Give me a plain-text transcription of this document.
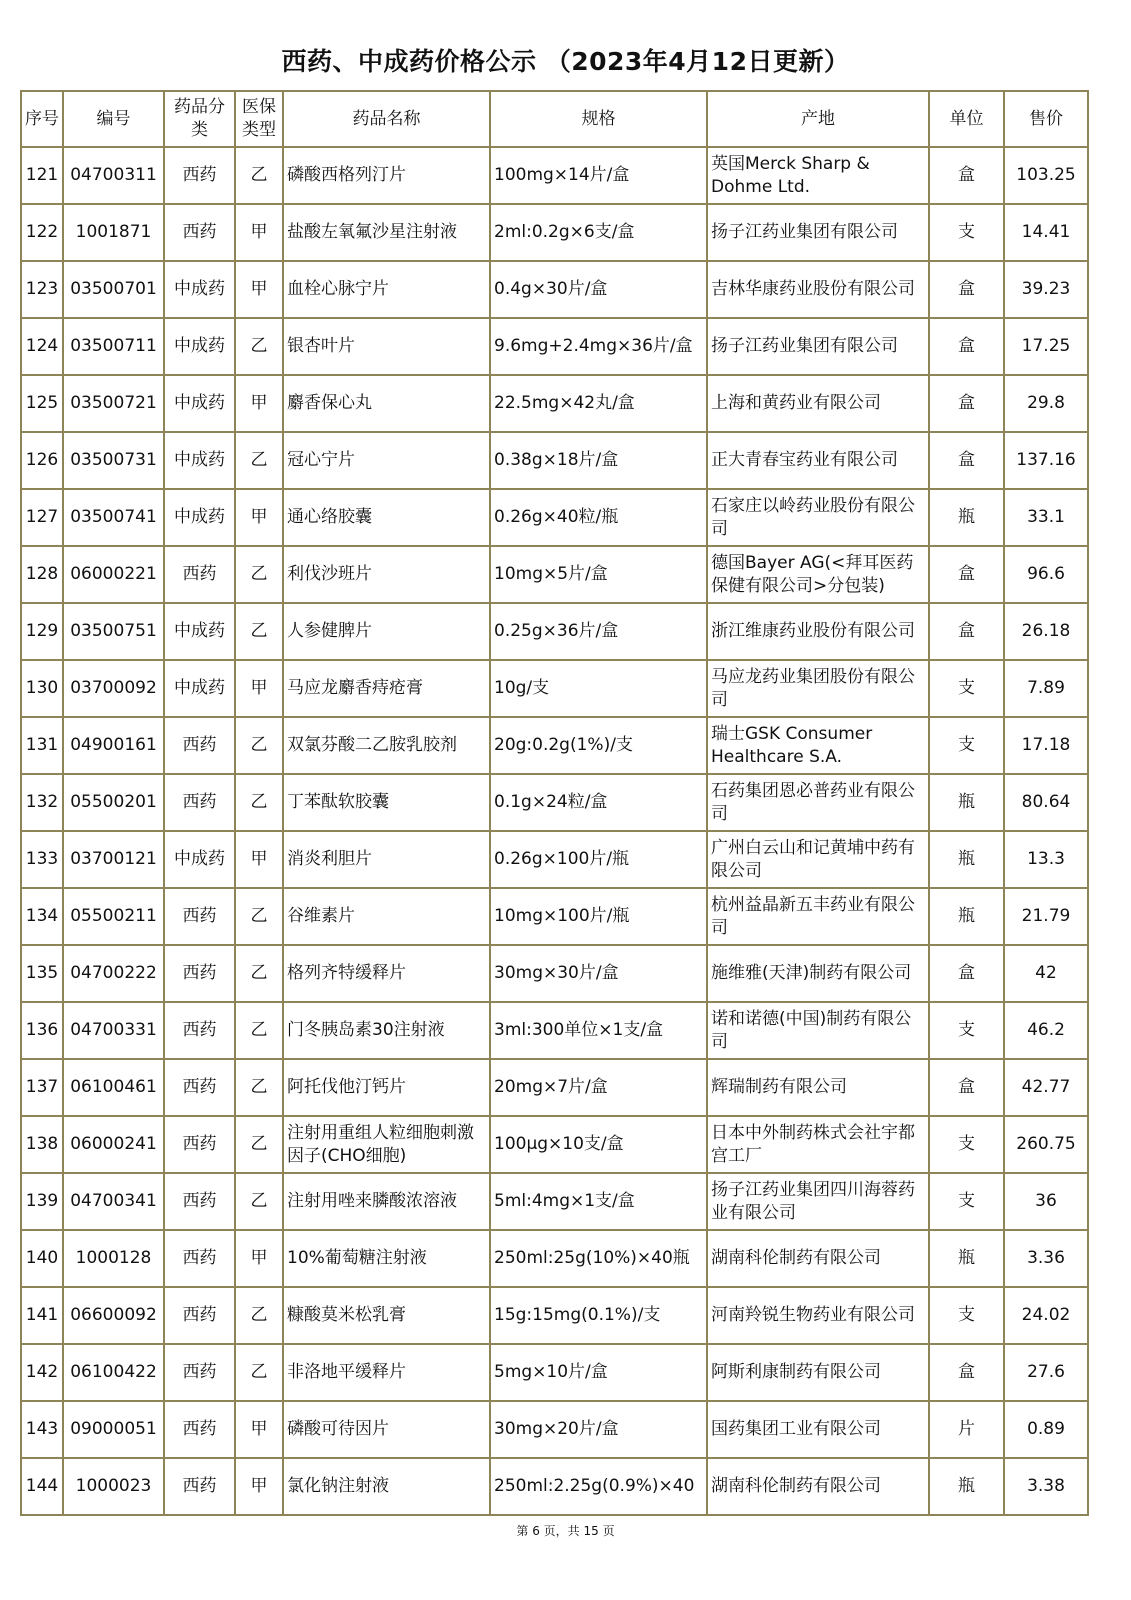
西药、中成药价格公示 （2023年4月12日更新）
序号	编号	药品分类	医保类型	药品名称	规格	产地	单位	售价
121	04700311	西药	乙	磷酸西格列汀片	100mg×14片/盒	英国Merck Sharp & Dohme Ltd.	盒	103.25
122	1001871	西药	甲	盐酸左氧氟沙星注射液	2ml:0.2g×6支/盒	扬子江药业集团有限公司	支	14.41
123	03500701	中成药	甲	血栓心脉宁片	0.4g×30片/盒	吉林华康药业股份有限公司	盒	39.23
124	03500711	中成药	乙	银杏叶片	9.6mg+2.4mg×36片/盒	扬子江药业集团有限公司	盒	17.25
125	03500721	中成药	甲	麝香保心丸	22.5mg×42丸/盒	上海和黄药业有限公司	盒	29.8
126	03500731	中成药	乙	冠心宁片	0.38g×18片/盒	正大青春宝药业有限公司	盒	137.16
127	03500741	中成药	甲	通心络胶囊	0.26g×40粒/瓶	石家庄以岭药业股份有限公司	瓶	33.1
128	06000221	西药	乙	利伐沙班片	10mg×5片/盒	德国Bayer AG(<拜耳医药保健有限公司>分包装)	盒	96.6
129	03500751	中成药	乙	人参健脾片	0.25g×36片/盒	浙江维康药业股份有限公司	盒	26.18
130	03700092	中成药	甲	马应龙麝香痔疮膏	10g/支	马应龙药业集团股份有限公司	支	7.89
131	04900161	西药	乙	双氯芬酸二乙胺乳胶剂	20g:0.2g(1%)/支	瑞士GSK Consumer Healthcare S.A.	支	17.18
132	05500201	西药	乙	丁苯酞软胶囊	0.1g×24粒/盒	石药集团恩必普药业有限公司	瓶	80.64
133	03700121	中成药	甲	消炎利胆片	0.26g×100片/瓶	广州白云山和记黄埔中药有限公司	瓶	13.3
134	05500211	西药	乙	谷维素片	10mg×100片/瓶	杭州益晶新五丰药业有限公司	瓶	21.79
135	04700222	西药	乙	格列齐特缓释片	30mg×30片/盒	施维雅(天津)制药有限公司	盒	42
136	04700331	西药	乙	门冬胰岛素30注射液	3ml:300单位×1支/盒	诺和诺德(中国)制药有限公司	支	46.2
137	06100461	西药	乙	阿托伐他汀钙片	20mg×7片/盒	辉瑞制药有限公司	盒	42.77
138	06000241	西药	乙	注射用重组人粒细胞刺激因子(CHO细胞)	100μg×10支/盒	日本中外制药株式会社宇都宫工厂	支	260.75
139	04700341	西药	乙	注射用唑来膦酸浓溶液	5ml:4mg×1支/盒	扬子江药业集团四川海蓉药业有限公司	支	36
140	1000128	西药	甲	10%葡萄糖注射液	250ml:25g(10%)×40瓶	湖南科伦制药有限公司	瓶	3.36
141	06600092	西药	乙	糠酸莫米松乳膏	15g:15mg(0.1%)/支	河南羚锐生物药业有限公司	支	24.02
142	06100422	西药	乙	非洛地平缓释片	5mg×10片/盒	阿斯利康制药有限公司	盒	27.6
143	09000051	西药	甲	磷酸可待因片	30mg×20片/盒	国药集团工业有限公司	片	0.89
144	1000023	西药	甲	氯化钠注射液	250ml:2.25g(0.9%)×40	湖南科伦制药有限公司	瓶	3.38
第 6 页，共 15 页
